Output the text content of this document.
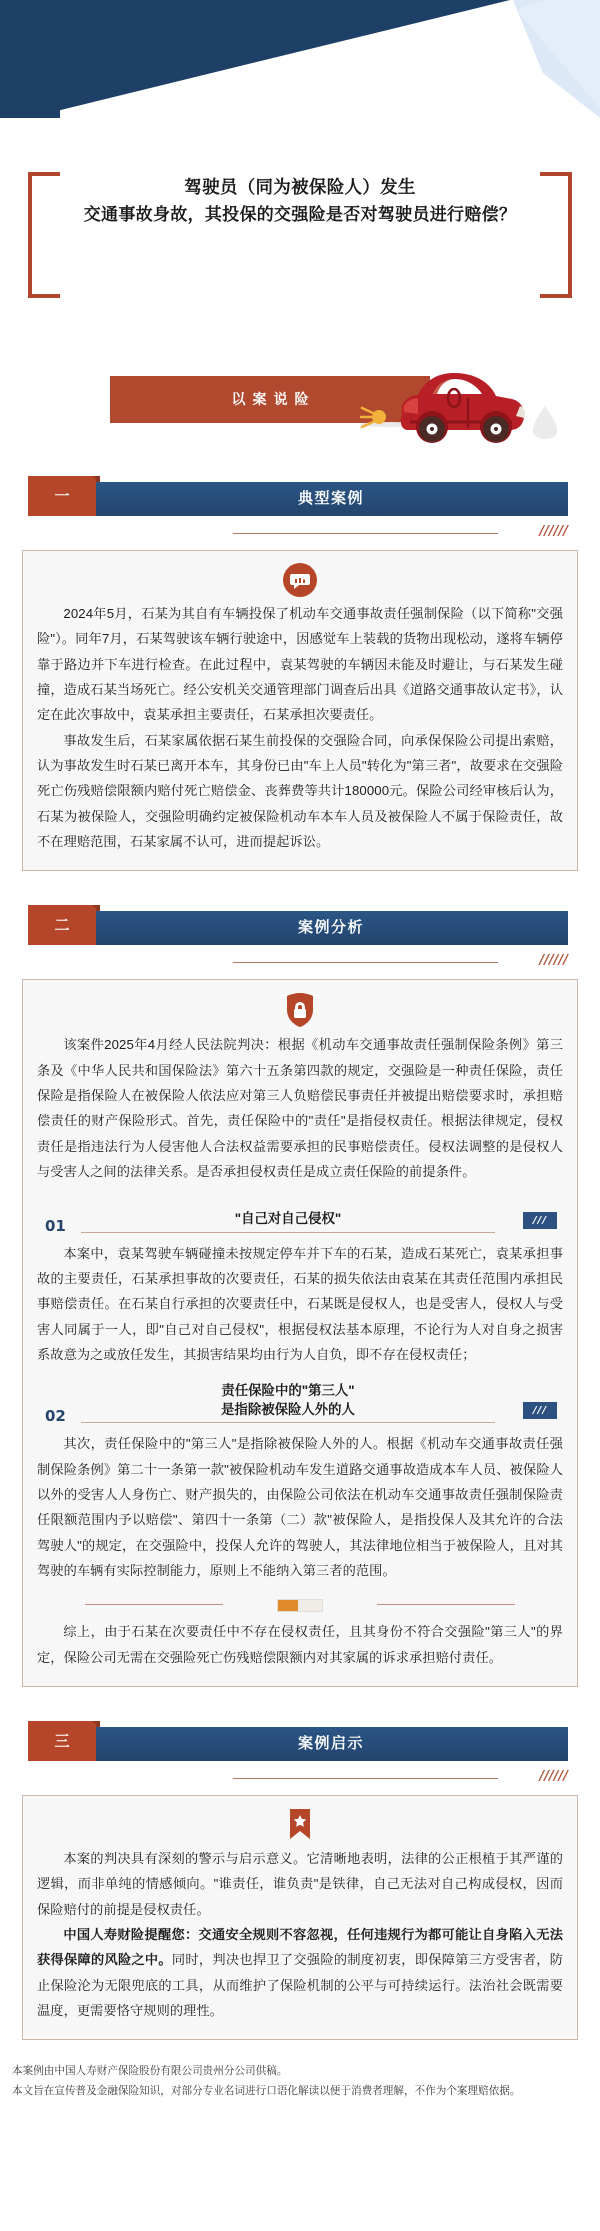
驾驶员（同为被保险人）发生
交通事故身故，其投保的交强险是否对驾驶员进行赔偿？
以案说险
一	典型案例
//////

2024年5月，石某为其自有车辆投保了机动车交通事故责任强制保险（以下简称"交强险"）。同年7月，石某驾驶该车辆行驶途中，因感觉车上装载的货物出现松动，遂将车辆停靠于路边并下车进行检查。在此过程中，袁某驾驶的车辆因未能及时避让，与石某发生碰撞，造成石某当场死亡。经公安机关交通管理部门调查后出具《道路交通事故认定书》，认定在此次事故中，袁某承担主要责任，石某承担次要责任。

事故发生后，石某家属依据石某生前投保的交强险合同，向承保保险公司提出索赔，认为事故发生时石某已离开本车，其身份已由"车上人员"转化为"第三者"，故要求在交强险死亡伤残赔偿限额内赔付死亡赔偿金、丧葬费等共计180000元。保险公司经审核后认为，石某为被保险人，交强险明确约定被保险机动车本车人员及被保险人不属于保险责任，故不在理赔范围，石某家属不认可，进而提起诉讼。

二	案例分析
//////

该案件2025年4月经人民法院判决：根据《机动车交通事故责任强制保险条例》第三条及《中华人民共和国保险法》第六十五条第四款的规定，交强险是一种责任保险，责任保险是指保险人在被保险人依法应对第三人负赔偿民事责任并被提出赔偿要求时，承担赔偿责任的财产保险形式。首先，责任保险中的"责任"是指侵权责任。根据法律规定，侵权责任是指违法行为人侵害他人合法权益需要承担的民事赔偿责任。侵权法调整的是侵权人与受害人之间的法律关系。是否承担侵权责任是成立责任保险的前提条件。

01	"自己对自己侵权"	///

本案中，袁某驾驶车辆碰撞未按规定停车并下车的石某，造成石某死亡，袁某承担事故的主要责任，石某承担事故的次要责任，石某的损失依法由袁某在其责任范围内承担民事赔偿责任。在石某自行承担的次要责任中，石某既是侵权人，也是受害人，侵权人与受害人同属于一人，即"自己对自己侵权"，根据侵权法基本原理，不论行为人对自身之损害系故意为之或放任发生，其损害结果均由行为人自负，即不存在侵权责任；

02
责任保险中的"第三人"
是指除被保险人外的人	///

其次，责任保险中的"第三人"是指除被保险人外的人。根据《机动车交通事故责任强制保险条例》第二十一条第一款"被保险机动车发生道路交通事故造成本车人员、被保险人以外的受害人人身伤亡、财产损失的，由保险公司依法在机动车交通事故责任强制保险责任限额范围内予以赔偿"、第四十一条第（二）款"被保险人，是指投保人及其允许的合法驾驶人"的规定，在交强险中，投保人允许的驾驶人，其法律地位相当于被保险人，且对其驾驶的车辆有实际控制能力，原则上不能纳入第三者的范围。

综上，由于石某在次要责任中不存在侵权责任，且其身份不符合交强险"第三人"的界定，保险公司无需在交强险死亡伤残赔偿限额内对其家属的诉求承担赔付责任。

三	案例启示
//////

本案的判决具有深刻的警示与启示意义。它清晰地表明，法律的公正根植于其严谨的逻辑，而非单纯的情感倾向。"谁责任，谁负责"是铁律，自己无法对自己构成侵权，因而保险赔付的前提是侵权责任。

中国人寿财险提醒您：交通安全规则不容忽视，任何违规行为都可能让自身陷入无法获得保障的风险之中。同时，判决也捍卫了交强险的制度初衷，即保障第三方受害者，防止保险沦为无限兜底的工具，从而维护了保险机制的公平与可持续运行。法治社会既需要温度，更需要恪守规则的理性。

本案例由中国人寿财产保险股份有限公司贵州分公司供稿。

本文旨在宣传普及金融保险知识，对部分专业名词进行口语化解读以便于消费者理解，不作为个案理赔依据。
